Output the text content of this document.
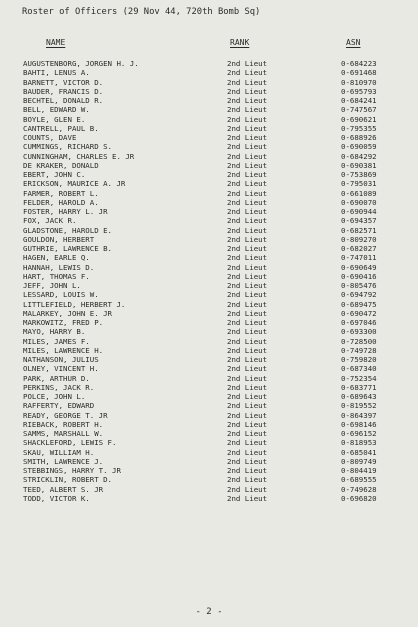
Roster of Officers (29 Nov 44, 720th Bomb Sq)
NAME	RANK	ASN
AUGUSTENBORG, JORGEN H. J.	2nd Lieut	0-684223
BAHTI, LENUS A.	2nd Lieut	0-691468
BARNETT, VICTOR D.	2nd Lieut	0-810970
BAUDER, FRANCIS D.	2nd Lieut	0-695793
BECHTEL, DONALD R.	2nd Lieut	0-684241
BELL, EDWARD W.	2nd Lieut	0-747567
BOYLE, GLEN E.	2nd Lieut	0-690621
CANTRELL, PAUL B.	2nd Lieut	0-795355
COUNTS, DAVE	2nd Lieut	0-688926
CUMMINGS, RICHARD S.	2nd Lieut	0-690059
CUNNINGHAM, CHARLES E. JR	2nd Lieut	0-684292
DE KRAKER, DONALD	2nd Lieut	0-690381
EBERT, JOHN C.	2nd Lieut	0-753869
ERICKSON, MAURICE A. JR	2nd Lieut	0-795031
FARMER, ROBERT L.	2nd Lieut	0-661089
FELDER, HAROLD A.	2nd Lieut	0-690070
FOSTER, HARRY L. JR	2nd Lieut	0-690944
FOX, JACK R.	2nd Lieut	0-694357
GLADSTONE, HAROLD E.	2nd Lieut	0-682571
GOULDON, HERBERT	2nd Lieut	0-809270
GUTHRIE, LAWRENCE B.	2nd Lieut	0-682027
HAGEN, EARLE Q.	2nd Lieut	0-747011
HANNAH, LEWIS D.	2nd Lieut	0-690649
HART, THOMAS F.	2nd Lieut	0-690416
JEFF, JOHN L.	2nd Lieut	0-805476
LESSARD, LOUIS W.	2nd Lieut	0-694792
LITTLEFIELD, HERBERT J.	2nd Lieut	0-689475
MALARKEY, JOHN E. JR	2nd Lieut	0-690472
MARKOWITZ, FRED P.	2nd Lieut	0-697046
MAYO, HARRY B.	2nd Lieut	0-693300
MILES, JAMES F.	2nd Lieut	0-728500
MILES, LAWRENCE H.	2nd Lieut	0-749728
NATHANSON, JULIUS	2nd Lieut	0-759820
OLNEY, VINCENT H.	2nd Lieut	0-687340
PARK, ARTHUR D.	2nd Lieut	0-752354
PERKINS, JACK R.	2nd Lieut	0-683771
POLCE, JOHN L.	2nd Lieut	0-689643
RAFFERTY, EDWARD	2nd Lieut	0-819552
READY, GEORGE T. JR	2nd Lieut	0-864397
RIEBACK, ROBERT H.	2nd Lieut	0-698146
SAMMS, MARSHALL W.	2nd Lieut	0-696152
SHACKLEFORD, LEWIS F.	2nd Lieut	0-818953
SKAU, WILLIAM H.	2nd Lieut	0-685041
SMITH, LAWRENCE J.	2nd Lieut	0-809749
STEBBINGS, HARRY T. JR	2nd Lieut	0-804419
STRICKLIN, ROBERT D.	2nd Lieut	0-689555
TEED, ALBERT S. JR	2nd Lieut	0-749628
TODD, VICTOR K.	2nd Lieut	0-696820
- 2 -
